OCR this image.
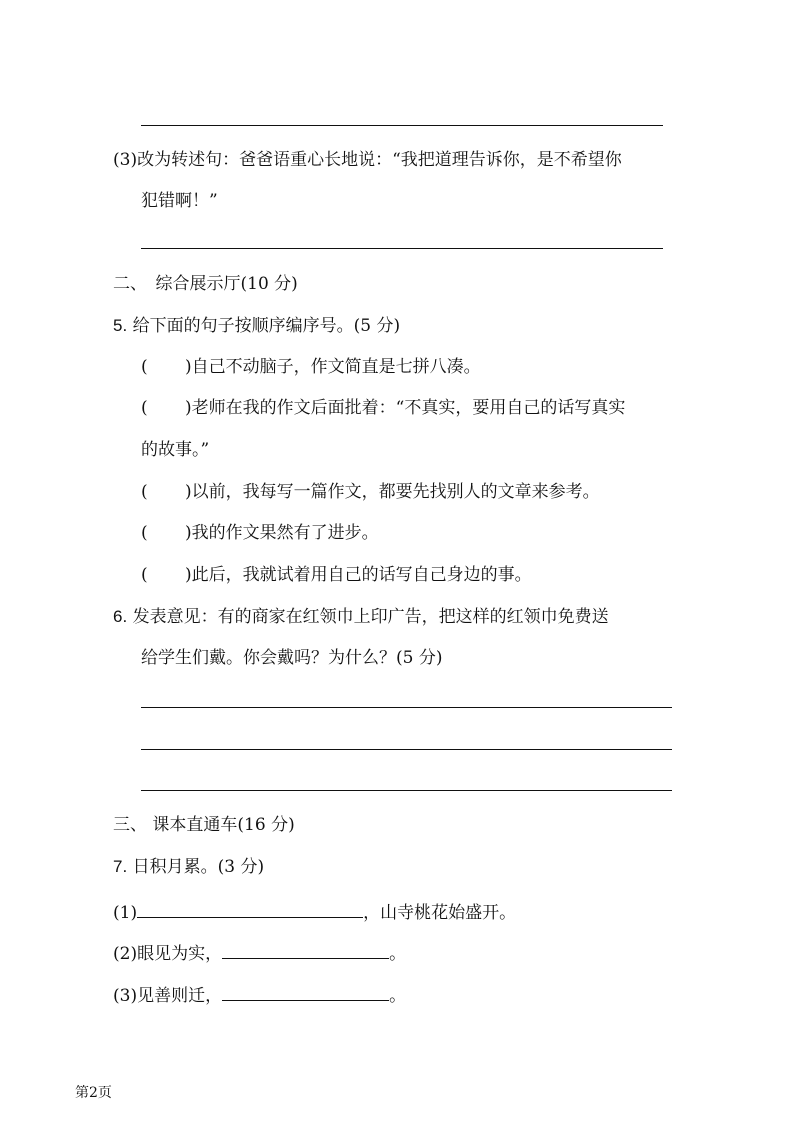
(3)改为转述句：爸爸语重心长地说：“我把道理告诉你，是不希望你
犯错啊！”
二、　综合展示厅(10 分)
5. 给下面的句子按顺序编序号。(5 分)
( )自己不动脑子，作文简直是七拼八凑。
( )老师在我的作文后面批着：“不真实，要用自己的话写真实
的故事。”
( )以前，我每写一篇作文，都要先找别人的文章来参考。
( )我的作文果然有了进步。
( )此后，我就试着用自己的话写自己身边的事。
6. 发表意见：有的商家在红领巾上印广告，把这样的红领巾免费送
给学生们戴。你会戴吗？为什么？(5 分)
三、 课本直通车(16 分)
7. 日积月累。(3 分)
(1)	，山寺桃花始盛开。
(2)眼见为实，	。
(3)见善则迁，	。
第2页
